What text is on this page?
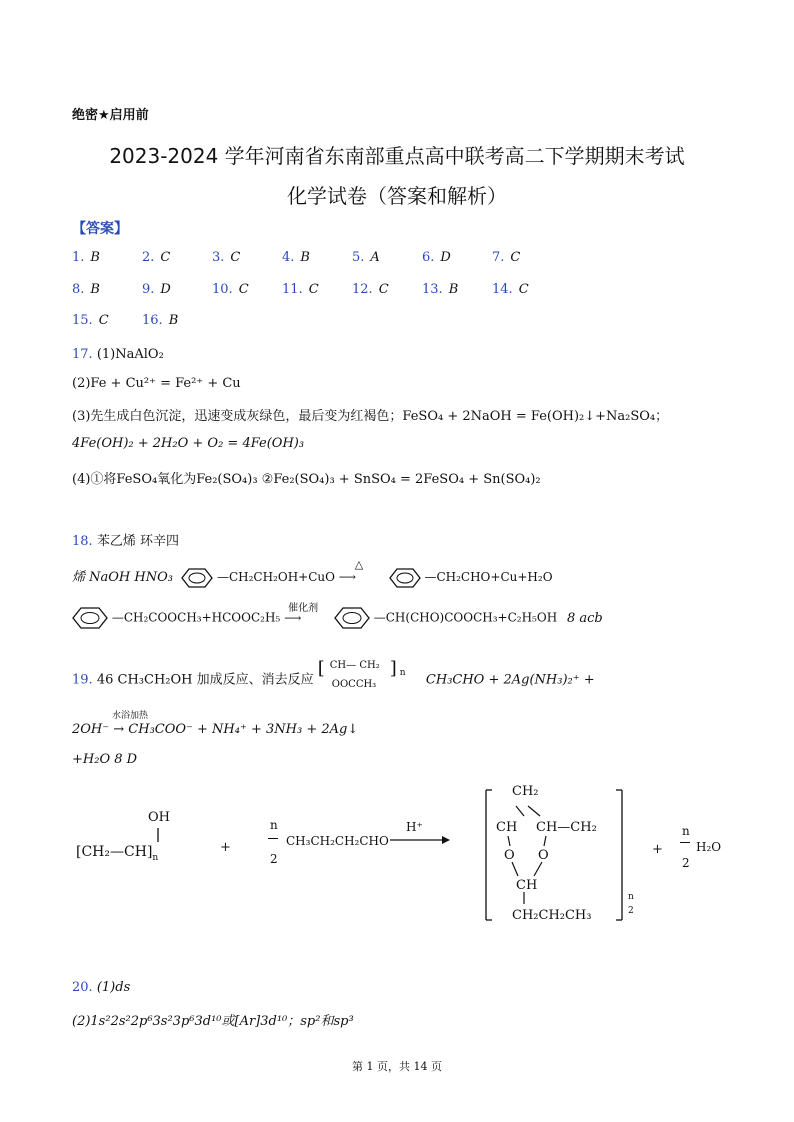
绝密★启用前
2023-2024 学年河南省东南部重点高中联考高二下学期期末考试
化学试卷（答案和解析）
【答案】
1. B	2. C	3. C	4. B	5. A	6. D	7. C
8. B	9. D	10. C	11. C	12. C	13. B	14. C
15. C	16. B
17. (1)NaAlO₂
(2)Fe + Cu²⁺ = Fe²⁺ + Cu
(3)先生成白色沉淀，迅速变成灰绿色，最后变为红褐色；FeSO₄ + 2NaOH = Fe(OH)₂↓+Na₂SO₄；
4Fe(OH)₂ + 2H₂O + O₂ = 4Fe(OH)₃
(4)①将FeSO₄氧化为Fe₂(SO₄)₃ ②Fe₂(SO₄)₃ + SnSO₄ = 2FeSO₄ + Sn(SO₄)₂
18. 苯乙烯 环辛四
烯 NaOH HNO₃	—CH₂CH₂OH+CuO
△
⟶	—CH₂CHO+Cu+H₂O
—CH₂COOCH₃+HCOOC₂H₅
催化剂
⟶	—CH(CHO)COOCH₃+C₂H₅OH 8 acb
19. 46 CH₃CH₂OH 加成反应、消去反应
[ CH— CH₂
OOCCH₃
] n CH₃CHO + 2Ag(NH₃)₂⁺ +
水浴加热
2OH⁻ → CH₃COO⁻ + NH₄⁺ + 3NH₃ + 2Ag↓
+H₂O 8 D
OH
$[CH_2—CH]_n$
+
n
2
CH₃CH₂CH₂CHO
H⁺
CH₂
CH CH—CH₂
O O
CH
CH₂CH₂CH₃
n
2
+
n
2
H₂O
20. (1)ds
(2)1s²2s²2p⁶3s²3p⁶3d¹⁰或[Ar]3d¹⁰；sp²和sp³
第 1 页，共 14 页
